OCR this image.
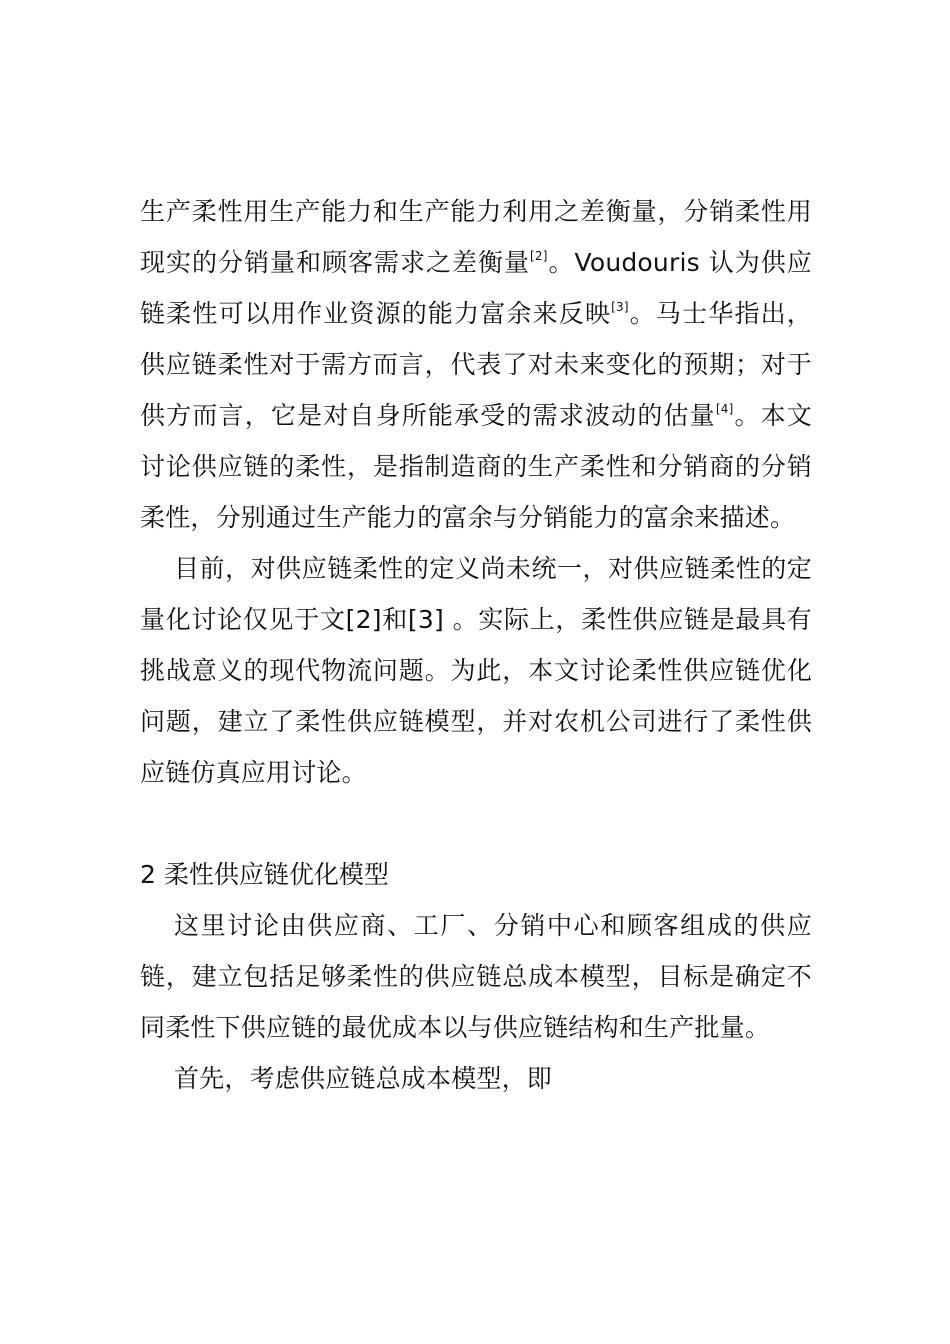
生产柔性用生产能力和生产能力利用之差衡量，分销柔性用现实的分销量和顾客需求之差衡量[2]。Voudouris 认为供应链柔性可以用作业资源的能力富余来反映[3]。马士华指出，供应链柔性对于需方而言，代表了对未来变化的预期；对于供方而言，它是对自身所能承受的需求波动的估量[4]。本文讨论供应链的柔性，是指制造商的生产柔性和分销商的分销柔性，分别通过生产能力的富余与分销能力的富余来描述。

目前，对供应链柔性的定义尚未统一，对供应链柔性的定量化讨论仅见于文[2]和[3] 。实际上，柔性供应链是最具有挑战意义的现代物流问题。为此，本文讨论柔性供应链优化问题，建立了柔性供应链模型，并对农机公司进行了柔性供应链仿真应用讨论。

2 柔性供应链优化模型

这里讨论由供应商、工厂、分销中心和顾客组成的供应链，建立包括足够柔性的供应链总成本模型，目标是确定不同柔性下供应链的最优成本以与供应链结构和生产批量。

首先，考虑供应链总成本模型，即
